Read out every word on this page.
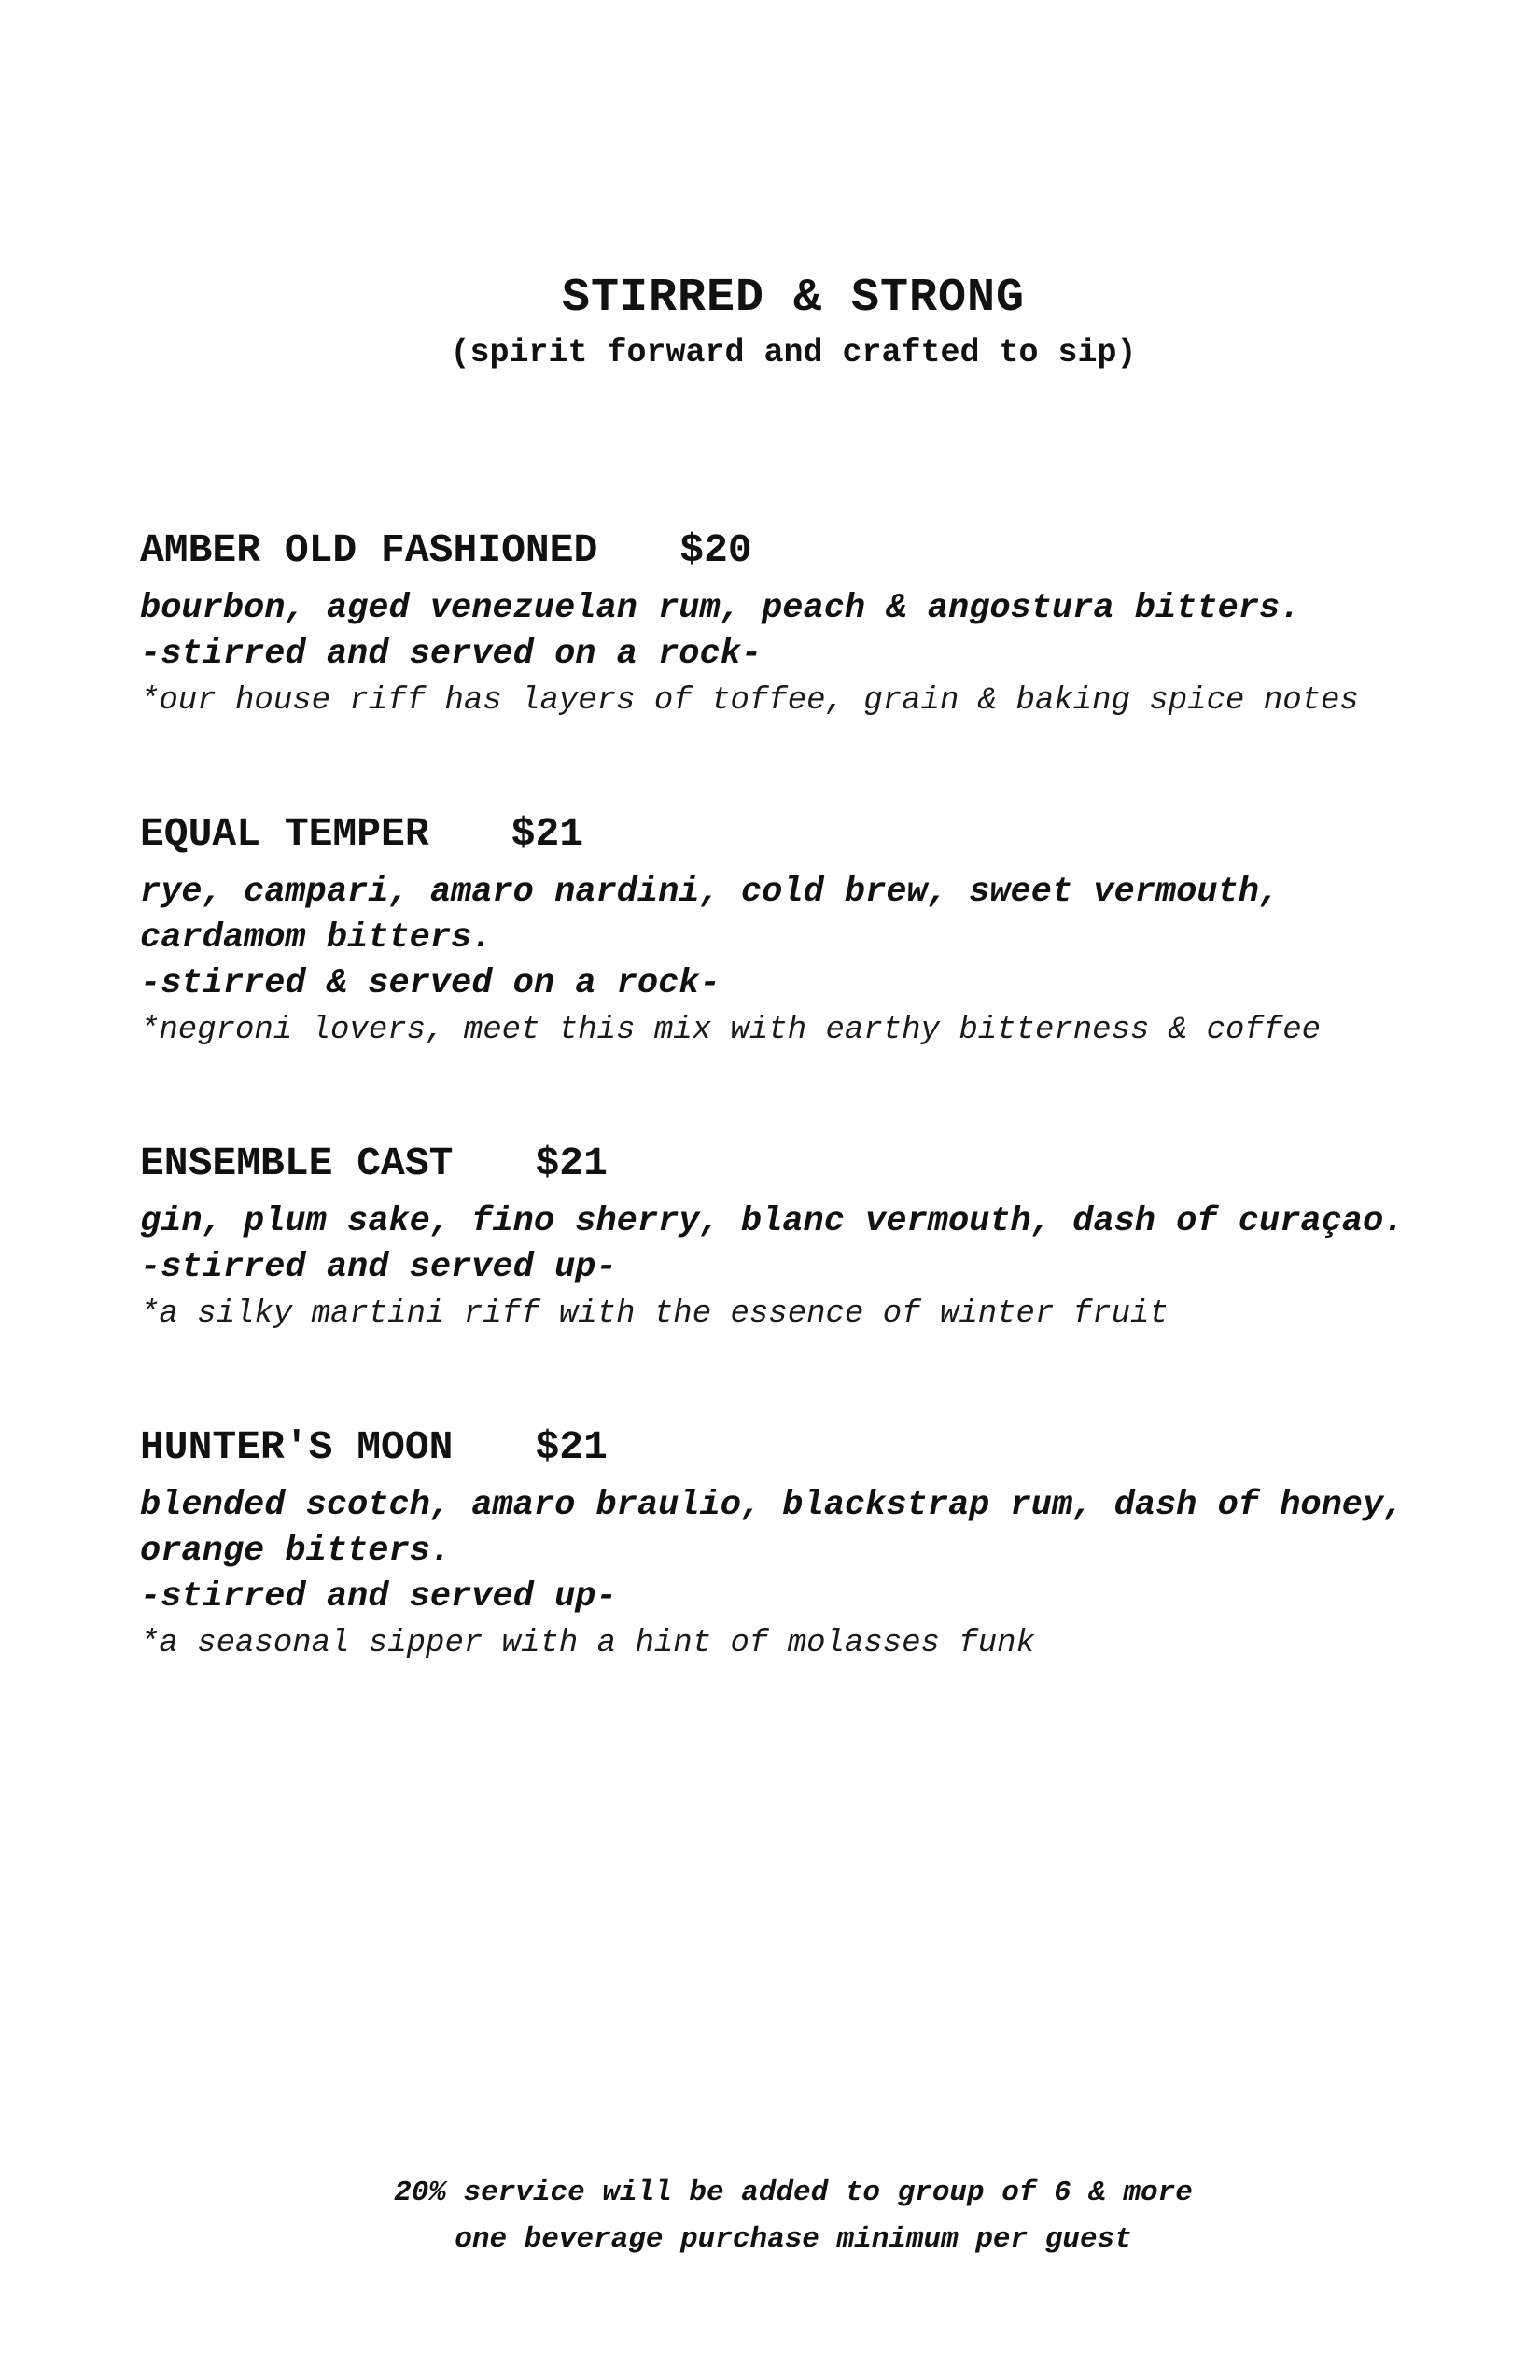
STIRRED & STRONG
(spirit forward and crafted to sip)
AMBER OLD FASHIONED $20
bourbon, aged venezuelan rum, peach & angostura bitters.
-stirred and served on a rock-
*our house riff has layers of toffee, grain & baking spice notes
EQUAL TEMPER $21
rye, campari, amaro nardini, cold brew, sweet vermouth, cardamom bitters.
-stirred & served on a rock-
*negroni lovers, meet this mix with earthy bitterness & coffee
ENSEMBLE CAST $21
gin, plum sake, fino sherry, blanc vermouth, dash of curaçao.
-stirred and served up-
*a silky martini riff with the essence of winter fruit
HUNTER'S MOON $21
blended scotch, amaro braulio, blackstrap rum, dash of honey, orange bitters.
-stirred and served up-
*a seasonal sipper with a hint of molasses funk
20% service will be added to group of 6 & more
one beverage purchase minimum per guest
